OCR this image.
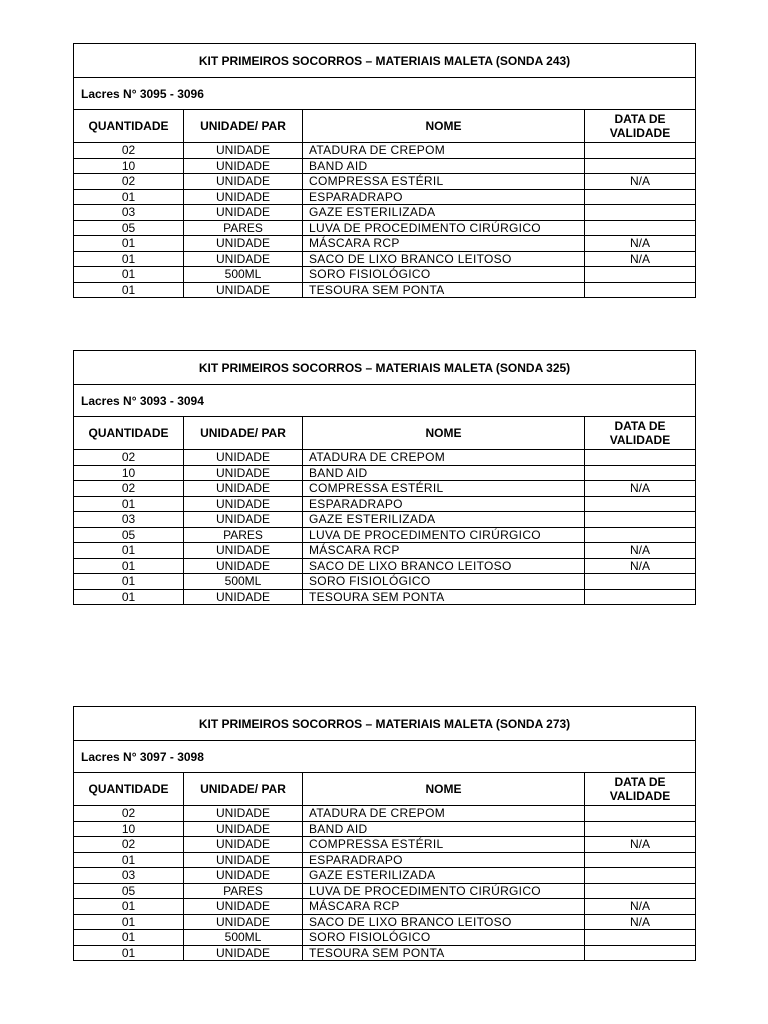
KIT PRIMEIROS SOCORROS – MATERIAIS MALETA (SONDA 243)			
Lacres N° 3095 - 3096			
QUANTIDADE	UNIDADE/ PAR	NOME	DATA DE
VALIDADE
02	UNIDADE	ATADURA DE CREPOM	
10	UNIDADE	BAND AID	
02	UNIDADE	COMPRESSA ESTÉRIL	N/A
01	UNIDADE	ESPARADRAPO	
03	UNIDADE	GAZE ESTERILIZADA	
05	PARES	LUVA DE PROCEDIMENTO CIRÚRGICO	
01	UNIDADE	MÁSCARA RCP	N/A
01	UNIDADE	SACO DE LIXO BRANCO LEITOSO	N/A
01	500ML	SORO FISIOLÓGICO	
01	UNIDADE	TESOURA SEM PONTA	
KIT PRIMEIROS SOCORROS – MATERIAIS MALETA (SONDA 325)			
Lacres N° 3093 - 3094			
QUANTIDADE	UNIDADE/ PAR	NOME	DATA DE
VALIDADE
02	UNIDADE	ATADURA DE CREPOM	
10	UNIDADE	BAND AID	
02	UNIDADE	COMPRESSA ESTÉRIL	N/A
01	UNIDADE	ESPARADRAPO	
03	UNIDADE	GAZE ESTERILIZADA	
05	PARES	LUVA DE PROCEDIMENTO CIRÚRGICO	
01	UNIDADE	MÁSCARA RCP	N/A
01	UNIDADE	SACO DE LIXO BRANCO LEITOSO	N/A
01	500ML	SORO FISIOLÓGICO	
01	UNIDADE	TESOURA SEM PONTA	
KIT PRIMEIROS SOCORROS – MATERIAIS MALETA (SONDA 273)			
Lacres N° 3097 - 3098			
QUANTIDADE	UNIDADE/ PAR	NOME	DATA DE
VALIDADE
02	UNIDADE	ATADURA DE CREPOM	
10	UNIDADE	BAND AID	
02	UNIDADE	COMPRESSA ESTÉRIL	N/A
01	UNIDADE	ESPARADRAPO	
03	UNIDADE	GAZE ESTERILIZADA	
05	PARES	LUVA DE PROCEDIMENTO CIRÚRGICO	
01	UNIDADE	MÁSCARA RCP	N/A
01	UNIDADE	SACO DE LIXO BRANCO LEITOSO	N/A
01	500ML	SORO FISIOLÓGICO	
01	UNIDADE	TESOURA SEM PONTA	
